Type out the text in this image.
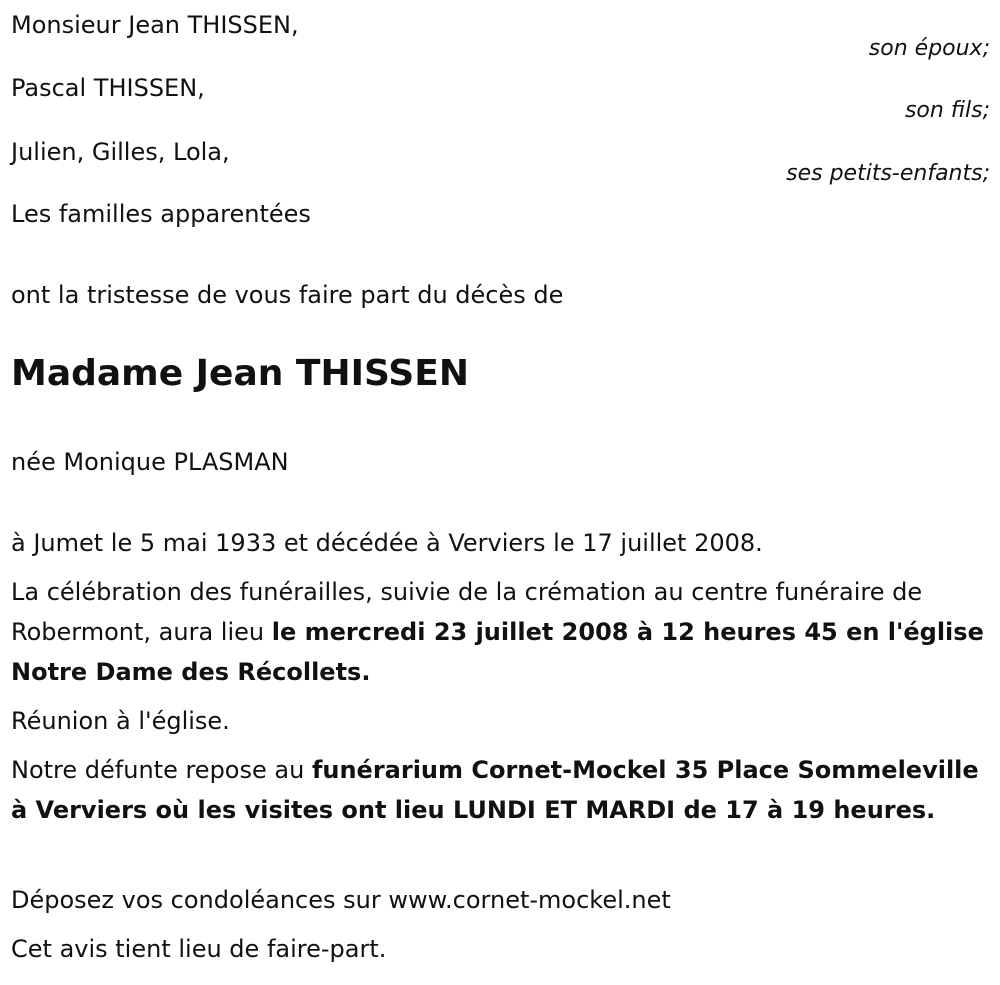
Monsieur Jean THISSEN,
son époux;
Pascal THISSEN,
son fils;
Julien, Gilles, Lola,
ses petits-enfants;
Les familles apparentées
ont la tristesse de vous faire part du décès de
Madame Jean THISSEN
née Monique PLASMAN
à Jumet le 5 mai 1933 et décédée à Verviers le 17 juillet 2008.
La célébration des funérailles, suivie de la crémation au centre funéraire de Robermont, aura lieu le mercredi 23 juillet 2008 à 12 heures 45 en l'église Notre Dame des Récollets.
Réunion à l'église.
Notre défunte repose au funérarium Cornet-Mockel 35 Place Sommeleville à Verviers où les visites ont lieu LUNDI ET MARDI de 17 à 19 heures.
Déposez vos condoléances sur www.cornet-mockel.net
Cet avis tient lieu de faire-part.
